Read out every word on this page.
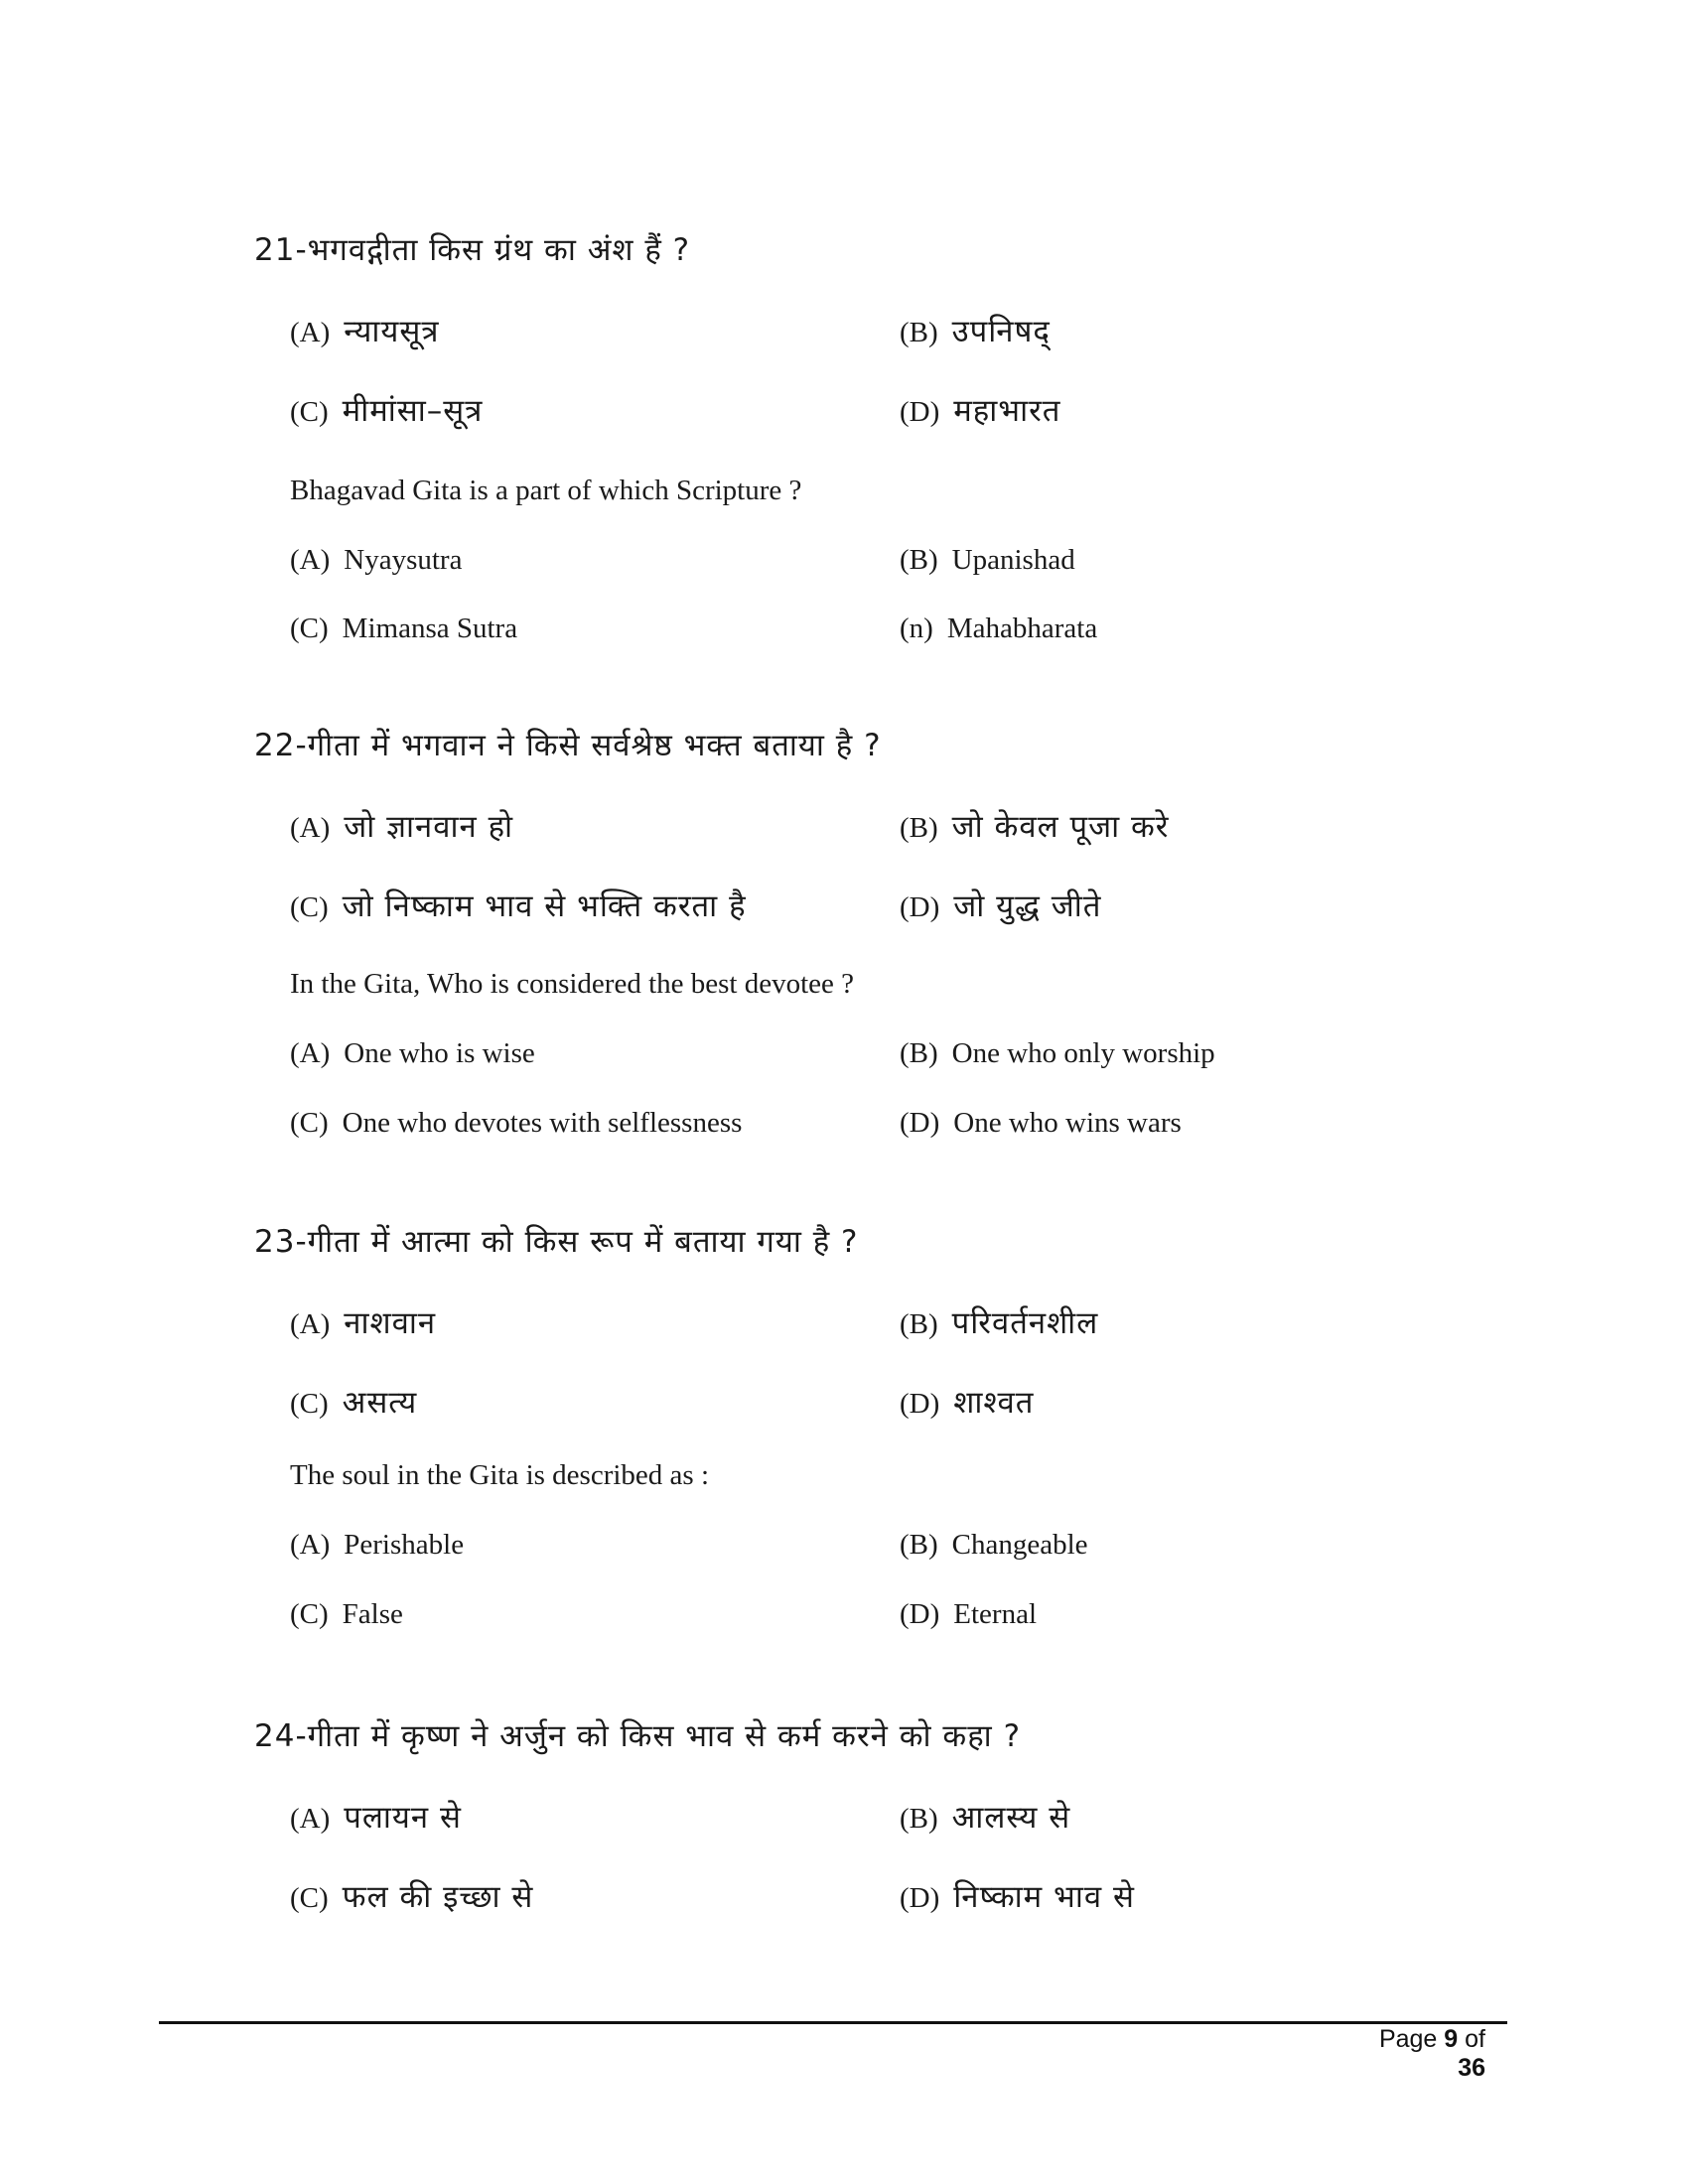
21-भगवद्गीता किस ग्रंथ का अंश हैं ?
(A) न्यायसूत्र	(B) उपनिषद्
(C) मीमांसा–सूत्र	(D) महाभारत
Bhagavad Gita is a part of which Scripture ?
(A) Nyaysutra	(B) Upanishad
(C) Mimansa Sutra	(n) Mahabharata
22-गीता में भगवान ने किसे सर्वश्रेष्ठ भक्त बताया है ?
(A) जो ज्ञानवान हो	(B) जो केवल पूजा करे
(C) जो निष्काम भाव से भक्ति करता है	(D) जो युद्ध जीते
In the Gita, Who is considered the best devotee ?
(A) One who is wise	(B) One who only worship
(C) One who devotes with selflessness	(D) One who wins wars
23-गीता में आत्मा को किस रूप में बताया गया है ?
(A) नाशवान	(B) परिवर्तनशील
(C) असत्य	(D) शाश्वत
The soul in the Gita is described as :
(A) Perishable	(B) Changeable
(C) False	(D) Eternal
24-गीता में कृष्ण ने अर्जुन को किस भाव से कर्म करने को कहा ?
(A) पलायन से	(B) आलस्य से
(C) फल की इच्छा से	(D) निष्काम भाव से
Page 9 of 36
